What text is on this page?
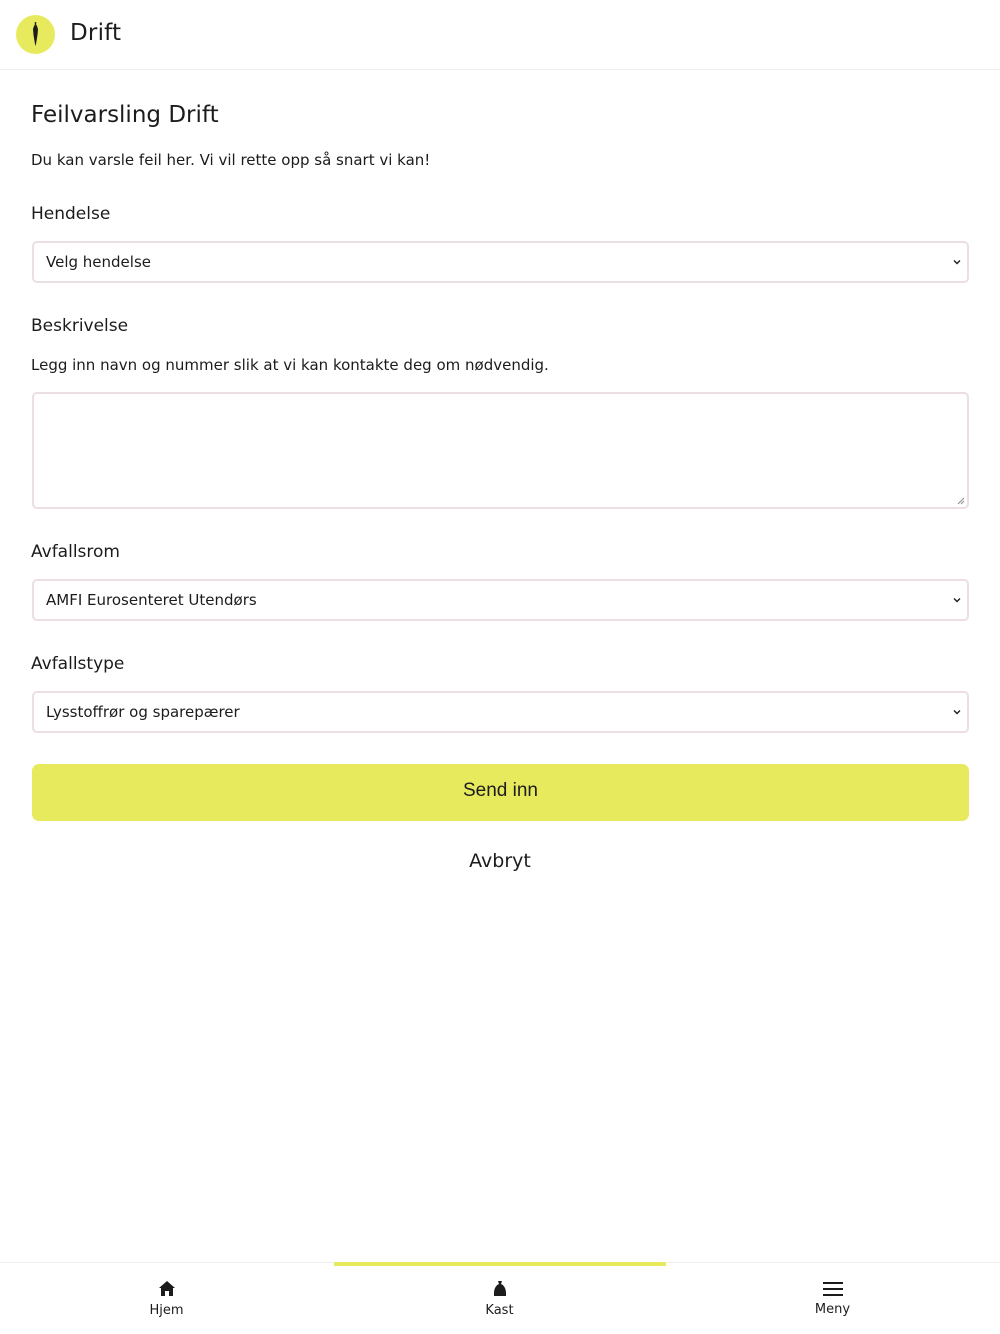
Drift
Feilvarsling Drift

Du kan varsle feil her. Vi vil rette opp så snart vi kan!

Hendelse
Velg hendelse
Beskrivelse

Legg inn navn og nummer slik at vi kan kontakte deg om nødvendig.

Avfallsrom
AMFI Eurosenteret Utendørs
Avfallstype
Lysstoffrør og sparepærer
Send inn
Avbryt
Hjem	Kast	Meny
